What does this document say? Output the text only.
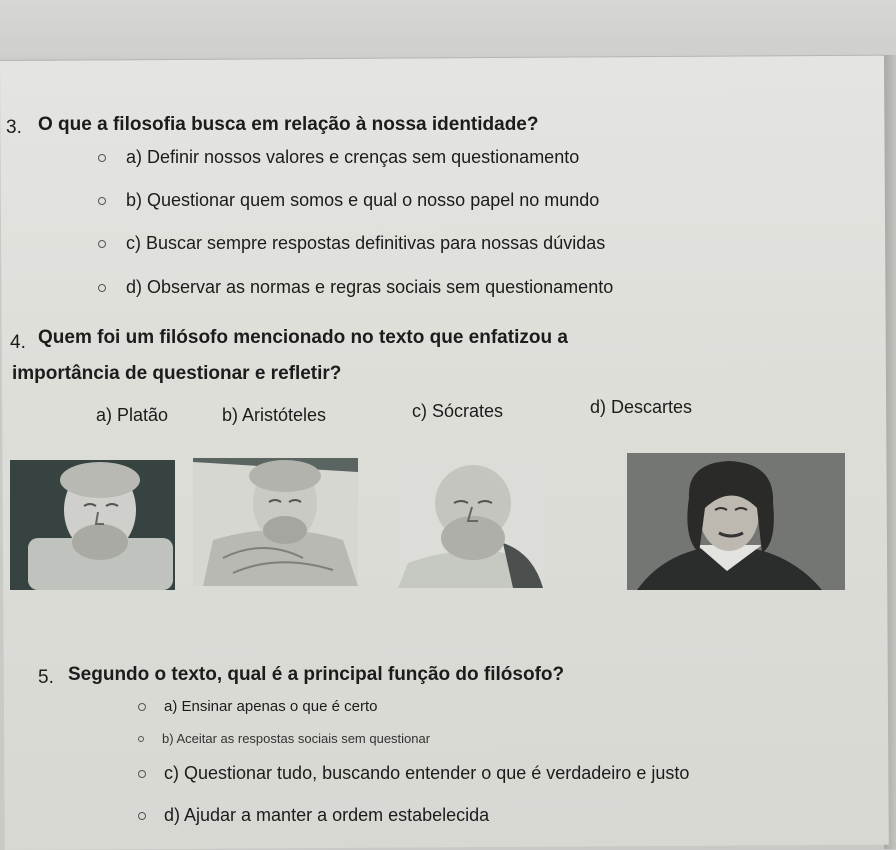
3. O que a filosofia busca em relação à nossa identidade?
a) Definir nossos valores e crenças sem questionamento
b) Questionar quem somos e qual o nosso papel no mundo
c) Buscar sempre respostas definitivas para nossas dúvidas
d) Observar as normas e regras sociais sem questionamento
4. Quem foi um filósofo mencionado no texto que enfatizou a
importância de questionar e refletir?
a) Platão	b) Aristóteles	c) Sócrates	d) Descartes
5. Segundo o texto, qual é a principal função do filósofo?
a) Ensinar apenas o que é certo
b) Aceitar as respostas sociais sem questionar
c) Questionar tudo, buscando entender o que é verdadeiro e justo
d) Ajudar a manter a ordem estabelecida
